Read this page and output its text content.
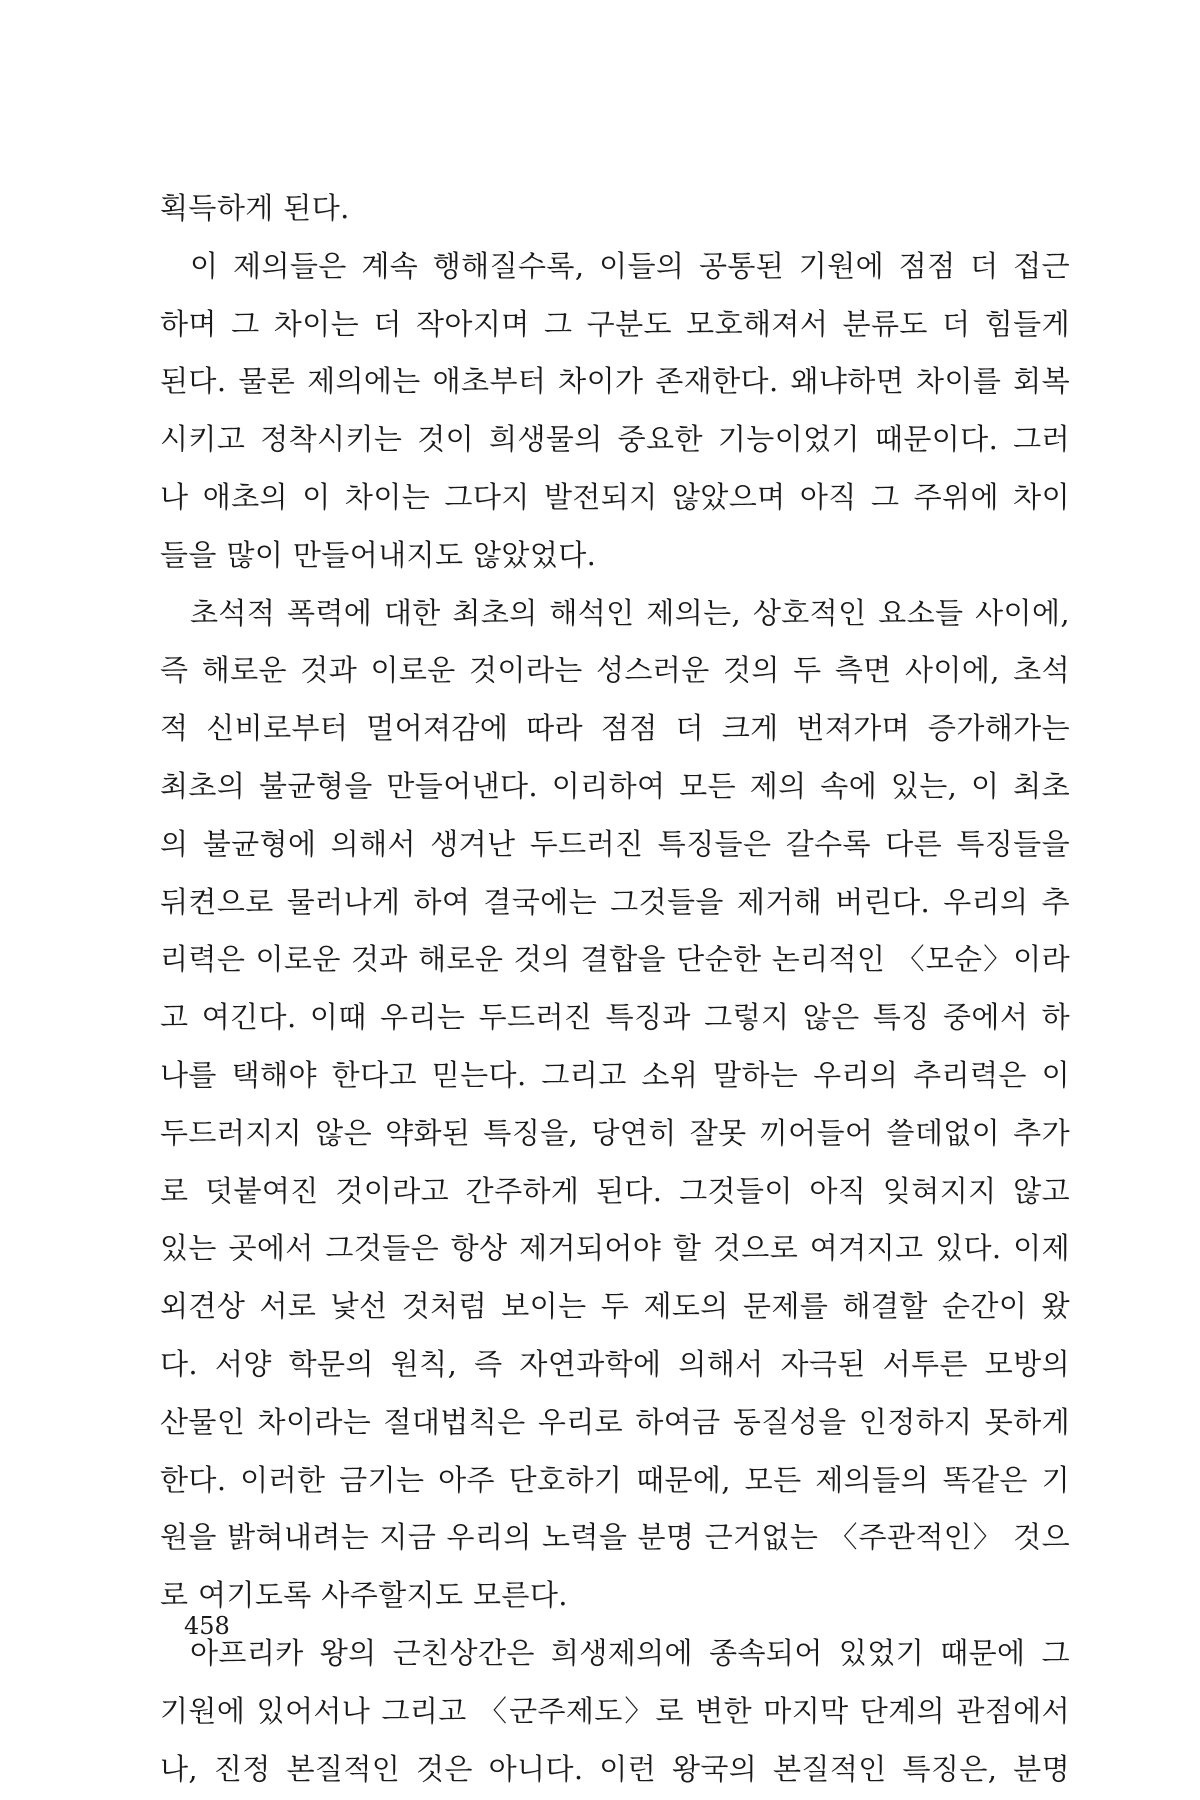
획득하게 된다.
이 제의들은 계속 행해질수록, 이들의 공통된 기원에 점점 더 접근
하며 그 차이는 더 작아지며 그 구분도 모호해져서 분류도 더 힘들게
된다. 물론 제의에는 애초부터 차이가 존재한다. 왜냐하면 차이를 회복
시키고 정착시키는 것이 희생물의 중요한 기능이었기 때문이다. 그러
나 애초의 이 차이는 그다지 발전되지 않았으며 아직 그 주위에 차이
들을 많이 만들어내지도 않았었다.
초석적 폭력에 대한 최초의 해석인 제의는, 상호적인 요소들 사이에,
즉 해로운 것과 이로운 것이라는 성스러운 것의 두 측면 사이에, 초석
적 신비로부터 멀어져감에 따라 점점 더 크게 번져가며 증가해가는
최초의 불균형을 만들어낸다. 이리하여 모든 제의 속에 있는, 이 최초
의 불균형에 의해서 생겨난 두드러진 특징들은 갈수록 다른 특징들을
뒤켠으로 물러나게 하여 결국에는 그것들을 제거해 버린다. 우리의 추
리력은 이로운 것과 해로운 것의 결합을 단순한 논리적인 〈모순〉이라
고 여긴다. 이때 우리는 두드러진 특징과 그렇지 않은 특징 중에서 하
나를 택해야 한다고 믿는다. 그리고 소위 말하는 우리의 추리력은 이
두드러지지 않은 약화된 특징을, 당연히 잘못 끼어들어 쓸데없이 추가
로 덧붙여진 것이라고 간주하게 된다. 그것들이 아직 잊혀지지 않고
있는 곳에서 그것들은 항상 제거되어야 할 것으로 여겨지고 있다. 이제
외견상 서로 낯선 것처럼 보이는 두 제도의 문제를 해결할 순간이 왔
다. 서양 학문의 원칙, 즉 자연과학에 의해서 자극된 서투른 모방의
산물인 차이라는 절대법칙은 우리로 하여금 동질성을 인정하지 못하게
한다. 이러한 금기는 아주 단호하기 때문에, 모든 제의들의 똑같은 기
원을 밝혀내려는 지금 우리의 노력을 분명 근거없는 〈주관적인〉 것으
로 여기도록 사주할지도 모른다.
아프리카 왕의 근친상간은 희생제의에 종속되어 있었기 때문에 그
기원에 있어서나 그리고 〈군주제도〉로 변한 마지막 단계의 관점에서
나, 진정 본질적인 것은 아니다. 이런 왕국의 본질적인 특징은, 분명
458
